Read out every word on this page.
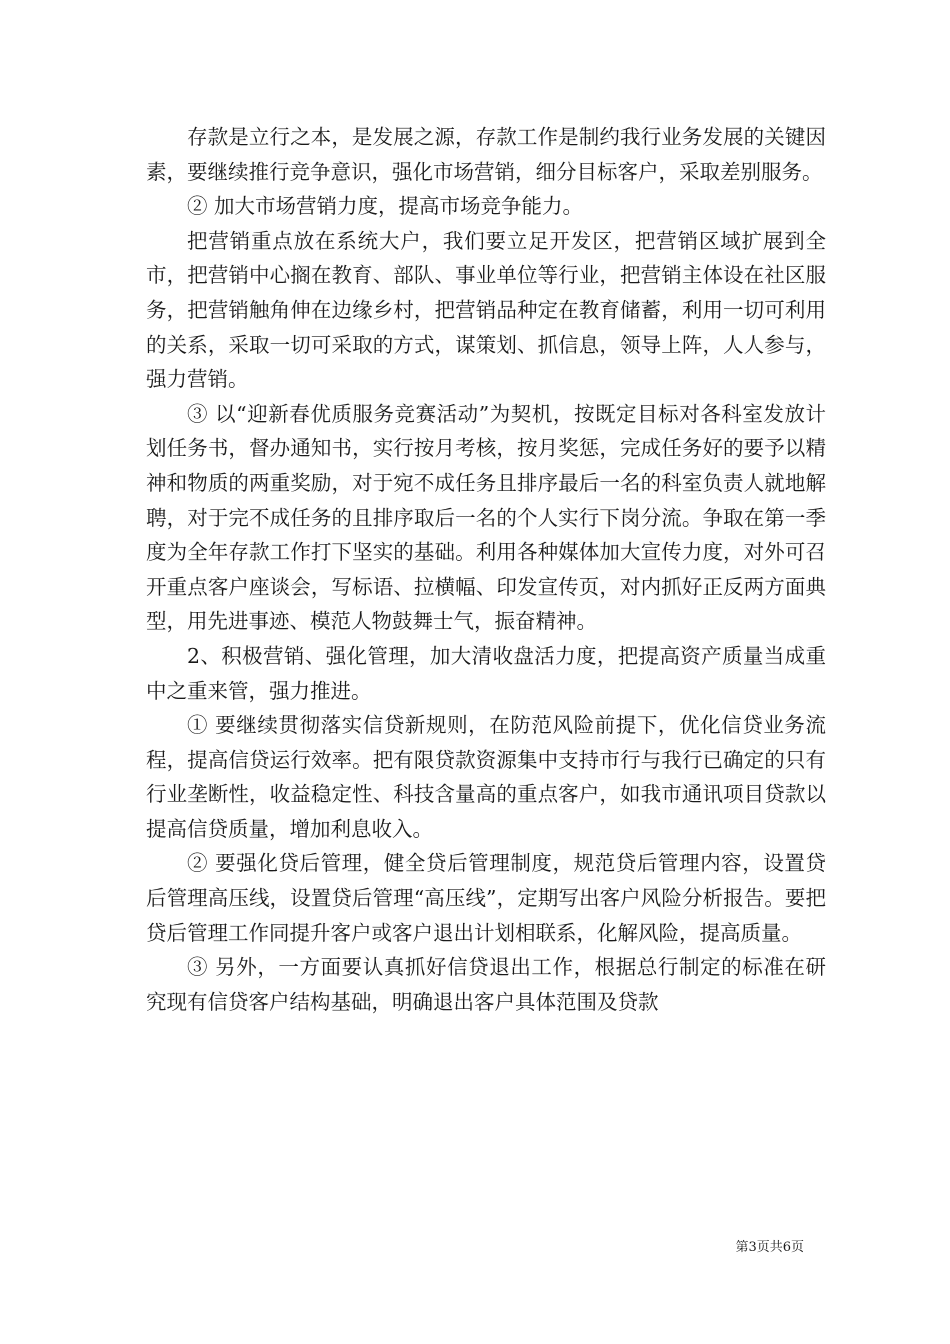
存款是立行之本，是发展之源，存款工作是制约我行业务发展的关键因素，要继续推行竞争意识，强化市场营销，细分目标客户，采取差别服务。

② 加大市场营销力度，提高市场竞争能力。

把营销重点放在系统大户，我们要立足开发区，把营销区域扩展到全市，把营销中心搁在教育、部队、事业单位等行业，把营销主体设在社区服务，把营销触角伸在边缘乡村，把营销品种定在教育储蓄，利用一切可利用的关系，采取一切可采取的方式，谋策划、抓信息，领导上阵，人人参与，强力营销。

③ 以“迎新春优质服务竞赛活动”为契机，按既定目标对各科室发放计划任务书，督办通知书，实行按月考核，按月奖惩，完成任务好的要予以精神和物质的两重奖励，对于宛不成任务且排序最后一名的科室负责人就地解聘，对于完不成任务的且排序取后一名的个人实行下岗分流。争取在第一季度为全年存款工作打下坚实的基础。利用各种媒体加大宣传力度，对外可召开重点客户座谈会，写标语、拉横幅、印发宣传页，对内抓好正反两方面典型，用先进事迹、模范人物鼓舞士气，振奋精神。

2、积极营销、强化管理，加大清收盘活力度，把提高资产质量当成重中之重来管，强力推进。

① 要继续贯彻落实信贷新规则，在防范风险前提下，优化信贷业务流程，提高信贷运行效率。把有限贷款资源集中支持市行与我行已确定的只有行业垄断性，收益稳定性、科技含量高的重点客户，如我市通讯项目贷款以提高信贷质量，增加利息收入。

② 要强化贷后管理，健全贷后管理制度，规范贷后管理内容，设置贷后管理高压线，设置贷后管理“高压线”，定期写出客户风险分析报告。要把贷后管理工作同提升客户或客户退出计划相联系，化解风险，提高质量。

③ 另外，一方面要认真抓好信贷退出工作，根据总行制定的标准在研究现有信贷客户结构基础，明确退出客户具体范围及贷款

第3页共6页
